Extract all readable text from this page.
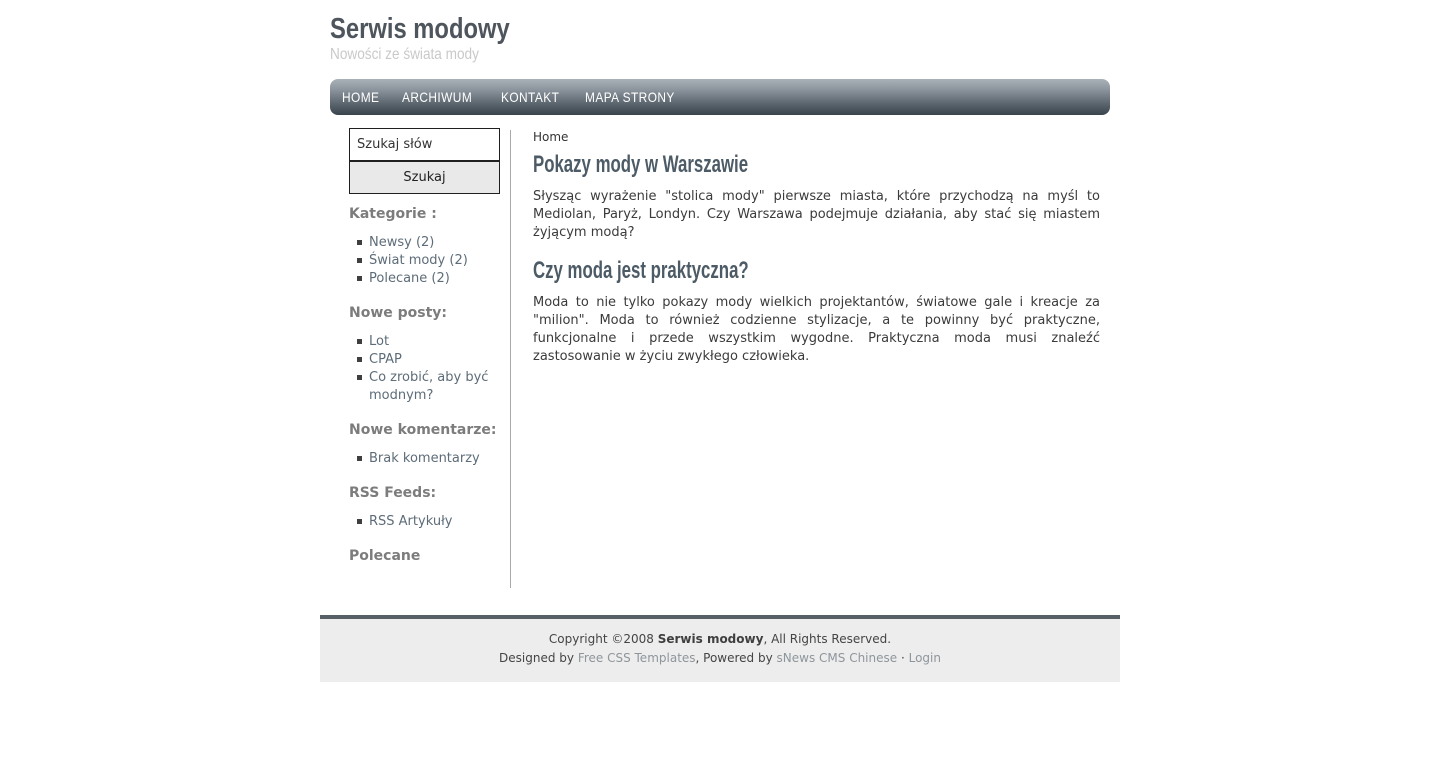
Serwis modowy

Nowości ze świata mody

HOME	ARCHIWUM	KONTAKT	MAPA STRONY
Szukaj słów
Szukaj
Kategorie :
Newsy (2)
Świat mody (2)
Polecane (2)
Nowe posty:
Lot
CPAP
Co zrobić, aby być modnym?
Nowe komentarze:
Brak komentarzy
RSS Feeds:
RSS Artykuły
Polecane
Home
Pokazy mody w Warszawie

Słysząc wyrażenie "stolica mody" pierwsze miasta, które przychodzą na myśl to Mediolan, Paryż, Londyn. Czy Warszawa podejmuje działania, aby stać się miastem żyjącym modą?

Czy moda jest praktyczna?

Moda to nie tylko pokazy mody wielkich projektantów, światowe gale i kreacje za "milion". Moda to również codzienne stylizacje, a te powinny być praktyczne, funkcjonalne i przede wszystkim wygodne. Praktyczna moda musi znaleźć zastosowanie w życiu zwykłego człowieka.

Copyright ©2008 Serwis modowy, All Rights Reserved.
Designed by Free CSS Templates, Powered by sNews CMS Chinese · Login
